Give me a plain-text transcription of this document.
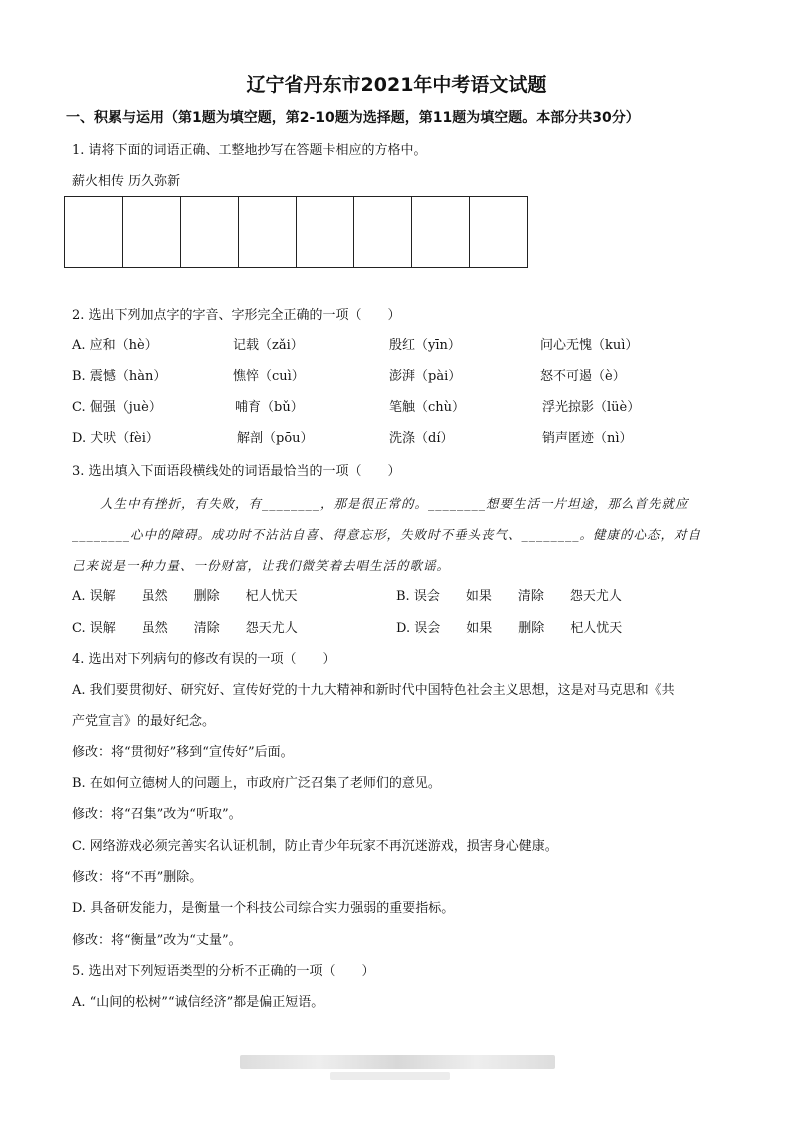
辽宁省丹东市2021年中考语文试题
一、积累与运用（第1题为填空题，第2-10题为选择题，第11题为填空题。本部分共30分）
1. 请将下面的词语正确、工整地抄写在答题卡相应的方格中。
薪火相传 历久弥新
2. 选出下列加点字的字音、字形完全正确的一项（　　）
A. 应和（hè）	记载（zǎi）	殷红（yīn）	问心无愧（kuì）
B. 震憾（hàn）	憔悴（cuì）	澎湃（pài）	怒不可遏（è）
C. 倔强（juè）	哺育（bǔ）	笔触（chù）	浮光掠影（lüè）
D. 犬吠（fèi）	解剖（pōu）	洗涤（dí）	销声匿迹（nì）
3. 选出填入下面语段横线处的词语最恰当的一项（　　）
人生中有挫折，有失败，有________，那是很正常的。________想要生活一片坦途，那么首先就应
________心中的障碍。成功时不沾沾自喜、得意忘形，失败时不垂头丧气、________。健康的心态，对自
己来说是一种力量、一份财富，让我们微笑着去唱生活的歌谣。
A. 误解　　虽然　　删除　　杞人忧天	B. 误会　　如果　　清除　　怨天尤人
C. 误解　　虽然　　清除　　怨天尤人	D. 误会　　如果　　删除　　杞人忧天
4. 选出对下列病句的修改有误的一项（　　）
A. 我们要贯彻好、研究好、宣传好党的十九大精神和新时代中国特色社会主义思想，这是对马克思和《共
产党宣言》的最好纪念。
修改：将“贯彻好”移到“宣传好”后面。
B. 在如何立德树人的问题上，市政府广泛召集了老师们的意见。
修改：将“召集”改为“听取”。
C. 网络游戏必须完善实名认证机制，防止青少年玩家不再沉迷游戏，损害身心健康。
修改：将“不再”删除。
D. 具备研发能力，是衡量一个科技公司综合实力强弱的重要指标。
修改：将“衡量”改为“丈量”。
5. 选出对下列短语类型的分析不正确的一项（　　）
A. “山间的松树”“诚信经济”都是偏正短语。
